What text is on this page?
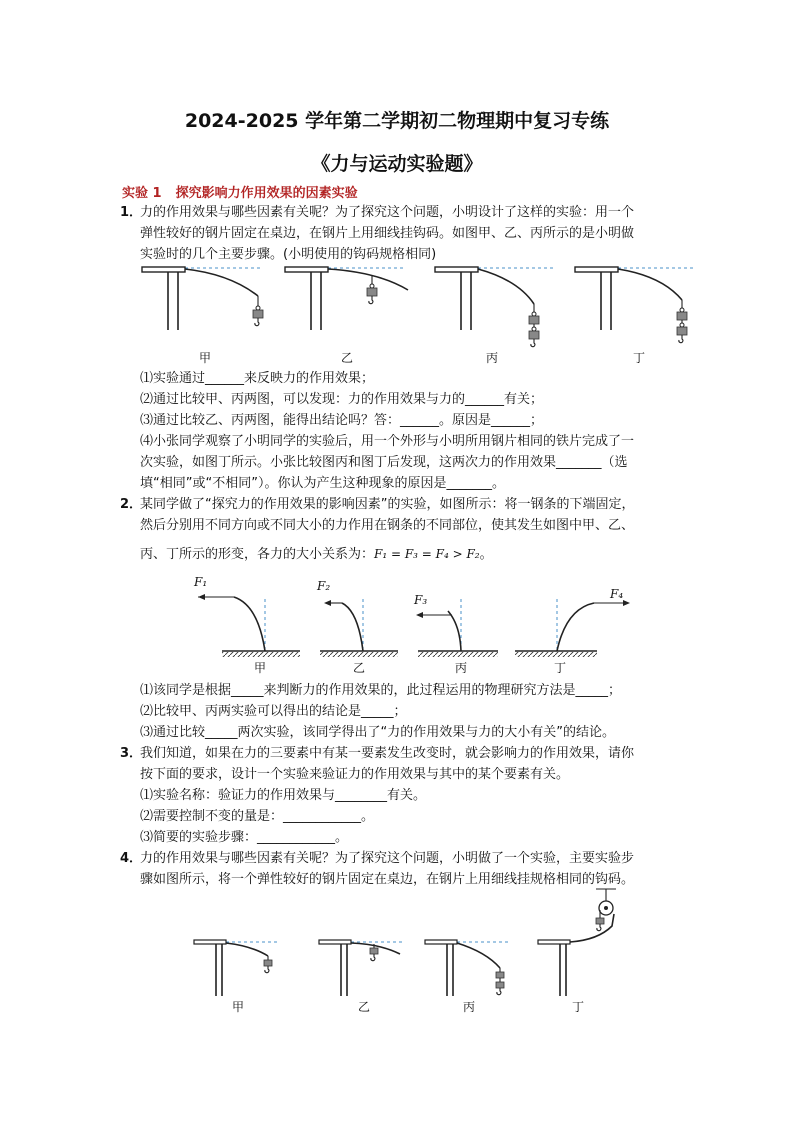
2024-2025 学年第二学期初二物理期中复习专练
《力与运动实验题》
实验 1 探究影响力作用效果的因素实验
1．
力的作用效果与哪些因素有关呢？为了探究这个问题，小明设计了这样的实验：用一个
弹性较好的钢片固定在桌边，在钢片上用细线挂钩码。如图甲、乙、丙所示的是小明做
实验时的几个主要步骤。(小明使用的钩码规格相同)
甲	乙	丙	丁
⑴实验通过______来反映力的作用效果；
⑵通过比较甲、丙两图，可以发现：力的作用效果与力的______有关；
⑶通过比较乙、丙两图，能得出结论吗？答：______。原因是______；
⑷小张同学观察了小明同学的实验后，用一个外形与小明所用钢片相同的铁片完成了一
次实验，如图丁所示。小张比较图丙和图丁后发现，这两次力的作用效果_______（选
填“相同”或“不相同”）。你认为产生这种现象的原因是_______。
2．
某同学做了“探究力的作用效果的影响因素”的实验，如图所示：将一钢条的下端固定，
然后分别用不同方向或不同大小的力作用在钢条的不同部位，使其发生如图中甲、乙、
丙、丁所示的形变，各力的大小关系为：F₁ = F₃ = F₄ > F₂。
F₁	F₂
F₃	F₄
甲	乙	丙	丁
⑴该同学是根据_____来判断力的作用效果的，此过程运用的物理研究方法是_____；
⑵比较甲、丙两实验可以得出的结论是_____；
⑶通过比较_____两次实验，该同学得出了“力的作用效果与力的大小有关”的结论。
3．
我们知道，如果在力的三要素中有某一要素发生改变时，就会影响力的作用效果，请你
按下面的要求，设计一个实验来验证力的作用效果与其中的某个要素有关。
⑴实验名称：验证力的作用效果与________有关。
⑵需要控制不变的量是：____________。
⑶简要的实验步骤：____________。
4．
力的作用效果与哪些因素有关呢？为了探究这个问题，小明做了一个实验，主要实验步
骤如图所示，将一个弹性较好的钢片固定在桌边，在钢片上用细线挂规格相同的钩码。
甲	乙	丙	丁
